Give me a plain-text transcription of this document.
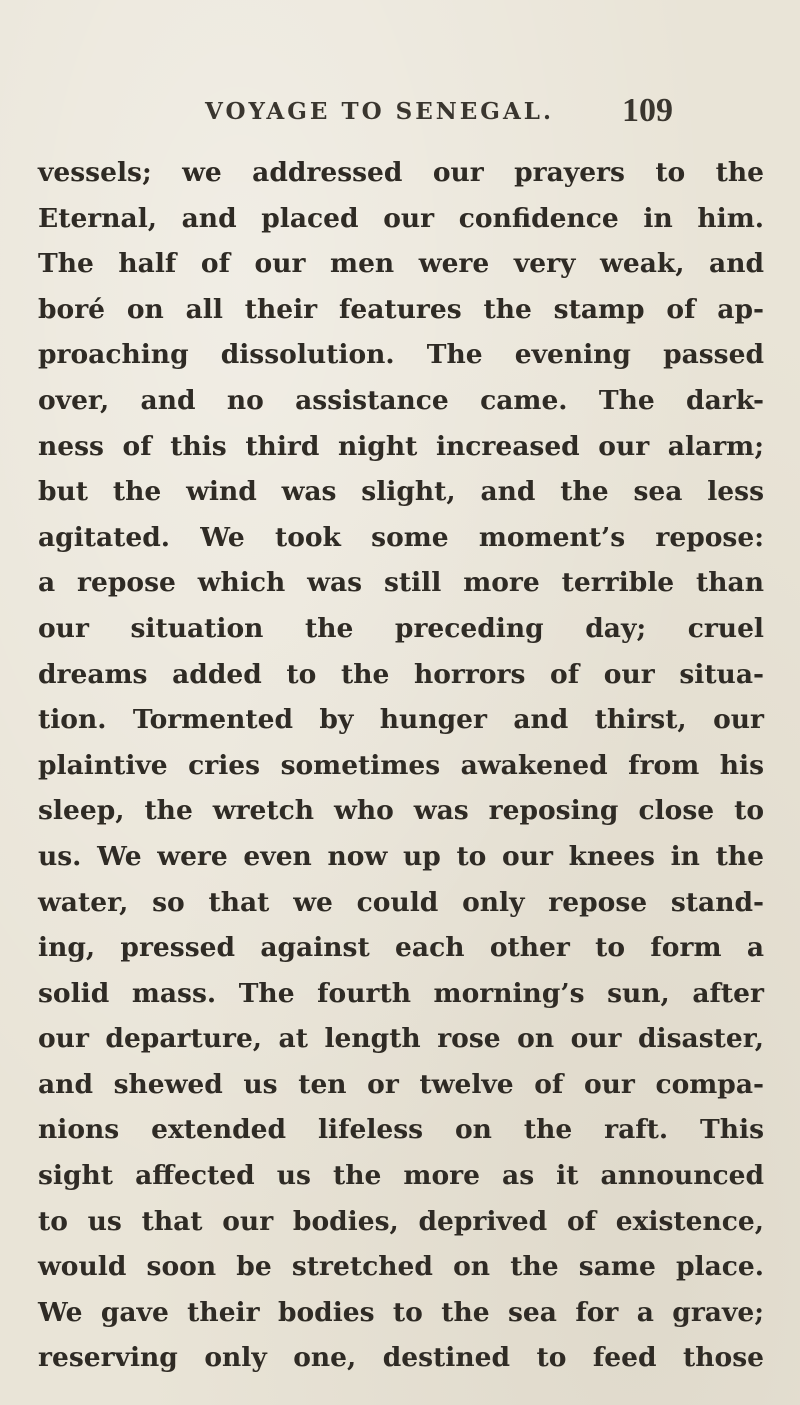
VOYAGE TO SENEGAL. 109
vessels; we addressed our prayers to the
Eternal, and placed our confidence in him.
The half of our men were very weak, and
boré on all their features the stamp of ap-
proaching dissolution. The evening passed
over, and no assistance came. The dark-
ness of this third night increased our alarm;
but the wind was slight, and the sea less
agitated. We took some moment’s repose:
a repose which was still more terrible than
our situation the preceding day; cruel
dreams added to the horrors of our situa-
tion. Tormented by hunger and thirst, our
plaintive cries sometimes awakened from his
sleep, the wretch who was reposing close to
us. We were even now up to our knees in the
water, so that we could only repose stand-
ing, pressed against each other to form a
solid mass. The fourth morning’s sun, after
our departure, at length rose on our disaster,
and shewed us ten or twelve of our compa-
nions extended lifeless on the raft. This
sight affected us the more as it announced
to us that our bodies, deprived of existence,
would soon be stretched on the same place.
We gave their bodies to the sea for a grave;
reserving only one, destined to feed those
